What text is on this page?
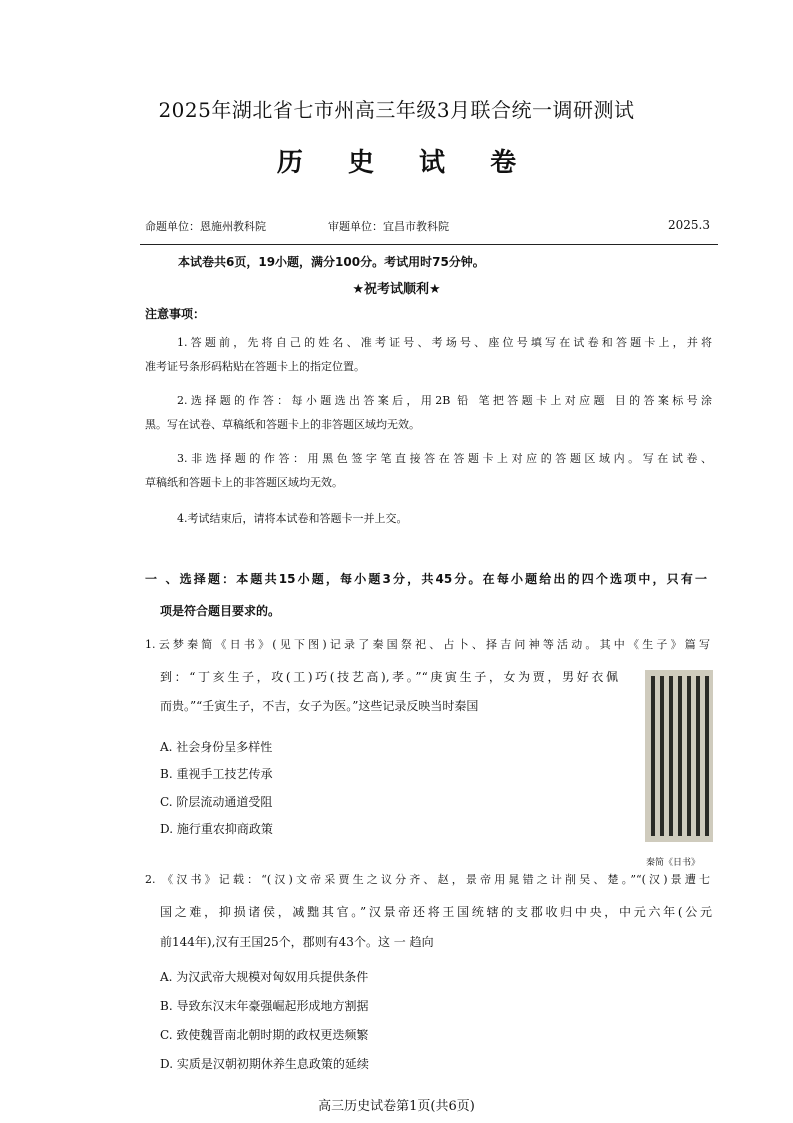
2025年湖北省七市州高三年级3月联合统一调研测试
历 史 试 卷
命题单位：恩施州教科院	审题单位：宜昌市教科院	2025.3
本试卷共6页，19小题，满分100分。考试用时75分钟。
★祝考试顺利★
注意事项：
1.答题前，先将自己的姓名、准考证号、考场号、座位号填写在试卷和答题卡上，并将
准考证号条形码粘贴在答题卡上的指定位置。
2.选择题的作答：每小题选出答案后，用2B 铅 笔把答题卡上对应题 目的答案标号涂
黑。写在试卷、草稿纸和答题卡上的非答题区域均无效。
3.非选择题的作答：用黑色签字笔直接答在答题卡上对应的答题区域内。写在试卷、
草稿纸和答题卡上的非答题区域均无效。
4.考试结束后，请将本试卷和答题卡一并上交。
一 、选择题：本题共15小题，每小题3分，共45分。在每小题给出的四个选项中，只有一
项是符合题目要求的。
1.云梦秦简《日书》(见下图)记录了秦国祭祀、占卜、择吉问神等活动。其中《生子》篇写
到：“丁亥生子，攻(工)巧(技艺高),孝。”“庚寅生子，女为贾，男好衣佩
而贵。”“壬寅生子，不吉，女子为医。”这些记录反映当时秦国
A. 社会身份呈多样性
B. 重视手工技艺传承
C. 阶层流动通道受阻
D. 施行重农抑商政策
秦简《日书》
2. 《汉书》记载：“(汉)文帝采贾生之议分齐、赵，景帝用晁错之计削吴、楚。”“(汉)景遭七
国之难，抑损诸侯，减黜其官。”汉景帝还将王国统辖的支郡收归中央，中元六年(公元
前144年),汉有王国25个，郡则有43个。这 一 趋向
A. 为汉武帝大规模对匈奴用兵提供条件
B. 导致东汉末年豪强崛起形成地方割据
C. 致使魏晋南北朝时期的政权更迭频繁
D. 实质是汉朝初期休养生息政策的延续
高三历史试卷第1页(共6页)
